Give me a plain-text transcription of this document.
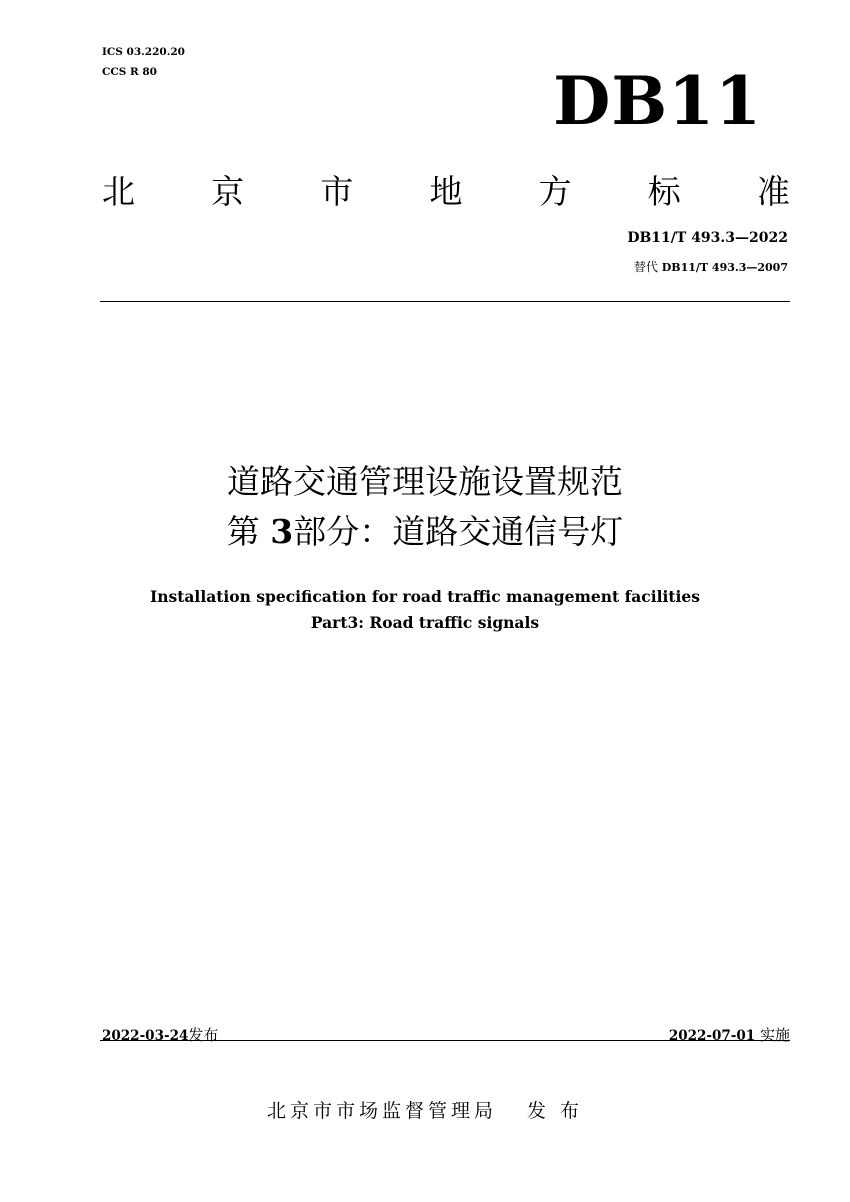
ICS 03.220.20
CCS R 80	DB11
北 京 市 地 方 标 准
DB11/T 493.3—2022
替代 DB11/T 493.3—2007
道路交通管理设施设置规范
第 3部分：道路交通信号灯
Installation specification for road traffic management facilities
Part3: Road traffic signals
2022-03-24发布	2022-07-01 实施
北京市市场监督管理局 发 布
